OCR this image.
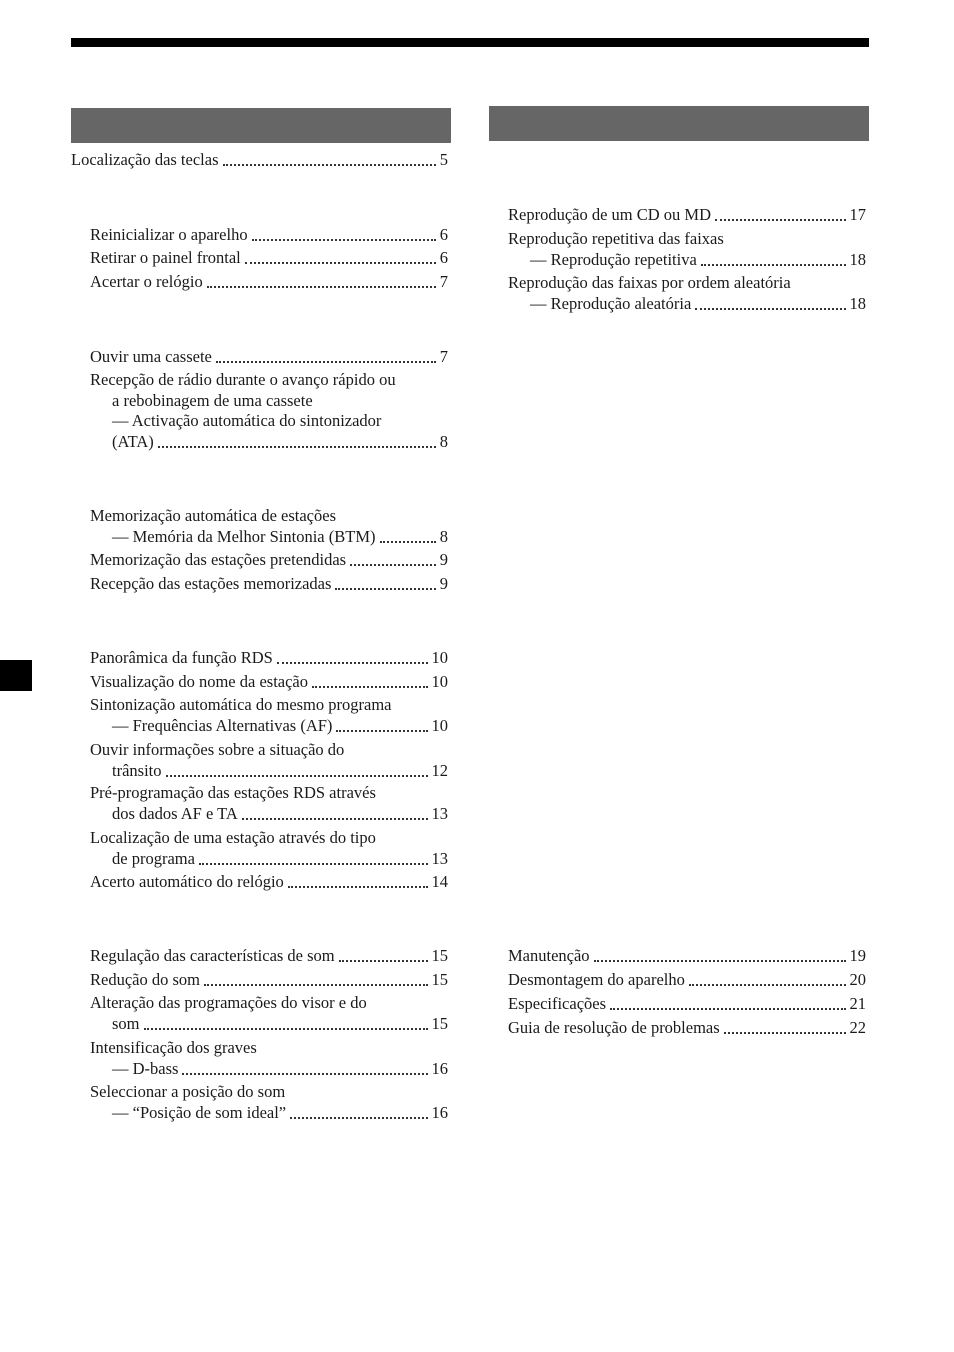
Localização das teclas	5
Reinicializar o aparelho	6
Retirar o painel frontal	6
Acertar o relógio	7
Ouvir uma cassete	7
Recepção de rádio durante o avanço rápido ou
a rebobinagem de uma cassete
— Activação automática do sintonizador
(ATA)	8
Memorização automática de estações
— Memória da Melhor Sintonia (BTM)	8
Memorização das estações pretendidas	9
Recepção das estações memorizadas	9
Panorâmica da função RDS	10
Visualização do nome da estação	10
Sintonização automática do mesmo programa
— Frequências Alternativas (AF)	10
Ouvir informações sobre a situação do
trânsito	12
Pré-programação das estações RDS através
dos dados AF e TA	13
Localização de uma estação através do tipo
de programa	13
Acerto automático do relógio	14
Regulação das características de som	15
Redução do som	15
Alteração das programações do visor e do
som	15
Intensificação dos graves
— D-bass	16
Seleccionar a posição do som
— “Posição de som ideal”	16
Reprodução de um CD ou MD	17
Reprodução repetitiva das faixas
— Reprodução repetitiva	18
Reprodução das faixas por ordem aleatória
— Reprodução aleatória	18
Manutenção	19
Desmontagem do aparelho	20
Especificações	21
Guia de resolução de problemas	22
